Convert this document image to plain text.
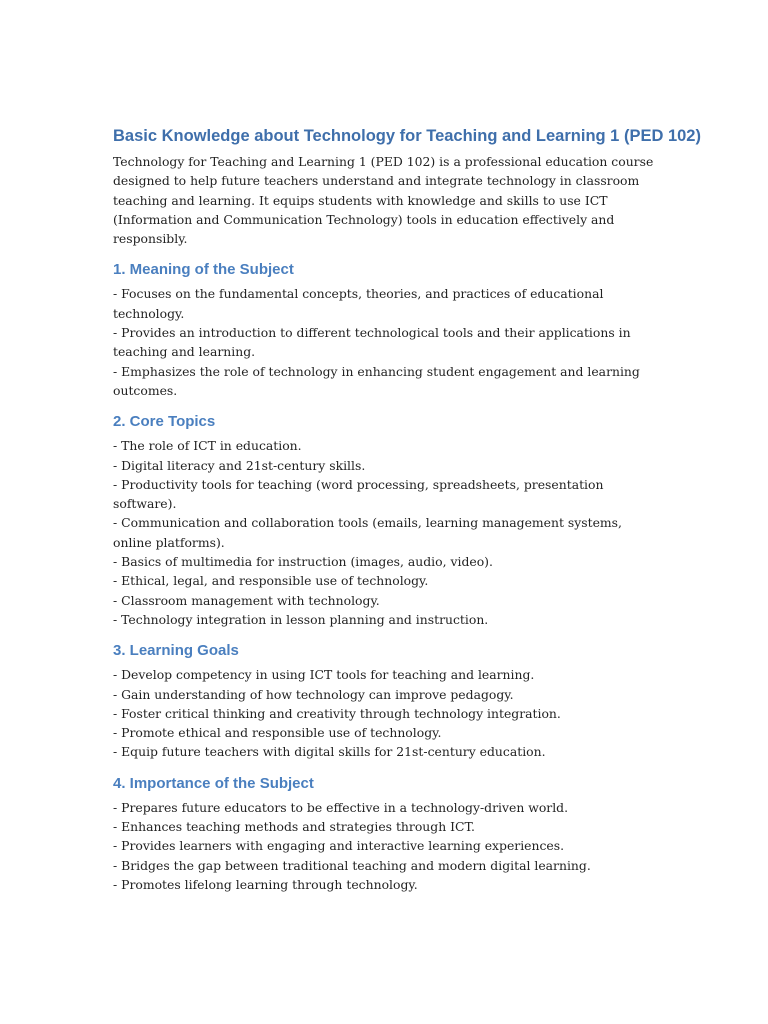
Basic Knowledge about Technology for Teaching and Learning 1 (PED 102)

Technology for Teaching and Learning 1 (PED 102) is a professional education course designed to help future teachers understand and integrate technology in classroom teaching and learning. It equips students with knowledge and skills to use ICT (Information and Communication Technology) tools in education effectively and responsibly.

1. Meaning of the Subject

- Focuses on the fundamental concepts, theories, and practices of educational technology.

- Provides an introduction to different technological tools and their applications in teaching and learning.

- Emphasizes the role of technology in enhancing student engagement and learning outcomes.

2. Core Topics

- The role of ICT in education.

- Digital literacy and 21st-century skills.

- Productivity tools for teaching (word processing, spreadsheets, presentation software).

- Communication and collaboration tools (emails, learning management systems, online platforms).

- Basics of multimedia for instruction (images, audio, video).

- Ethical, legal, and responsible use of technology.

- Classroom management with technology.

- Technology integration in lesson planning and instruction.

3. Learning Goals

- Develop competency in using ICT tools for teaching and learning.

- Gain understanding of how technology can improve pedagogy.

- Foster critical thinking and creativity through technology integration.

- Promote ethical and responsible use of technology.

- Equip future teachers with digital skills for 21st-century education.

4. Importance of the Subject

- Prepares future educators to be effective in a technology-driven world.

- Enhances teaching methods and strategies through ICT.

- Provides learners with engaging and interactive learning experiences.

- Bridges the gap between traditional teaching and modern digital learning.

- Promotes lifelong learning through technology.
